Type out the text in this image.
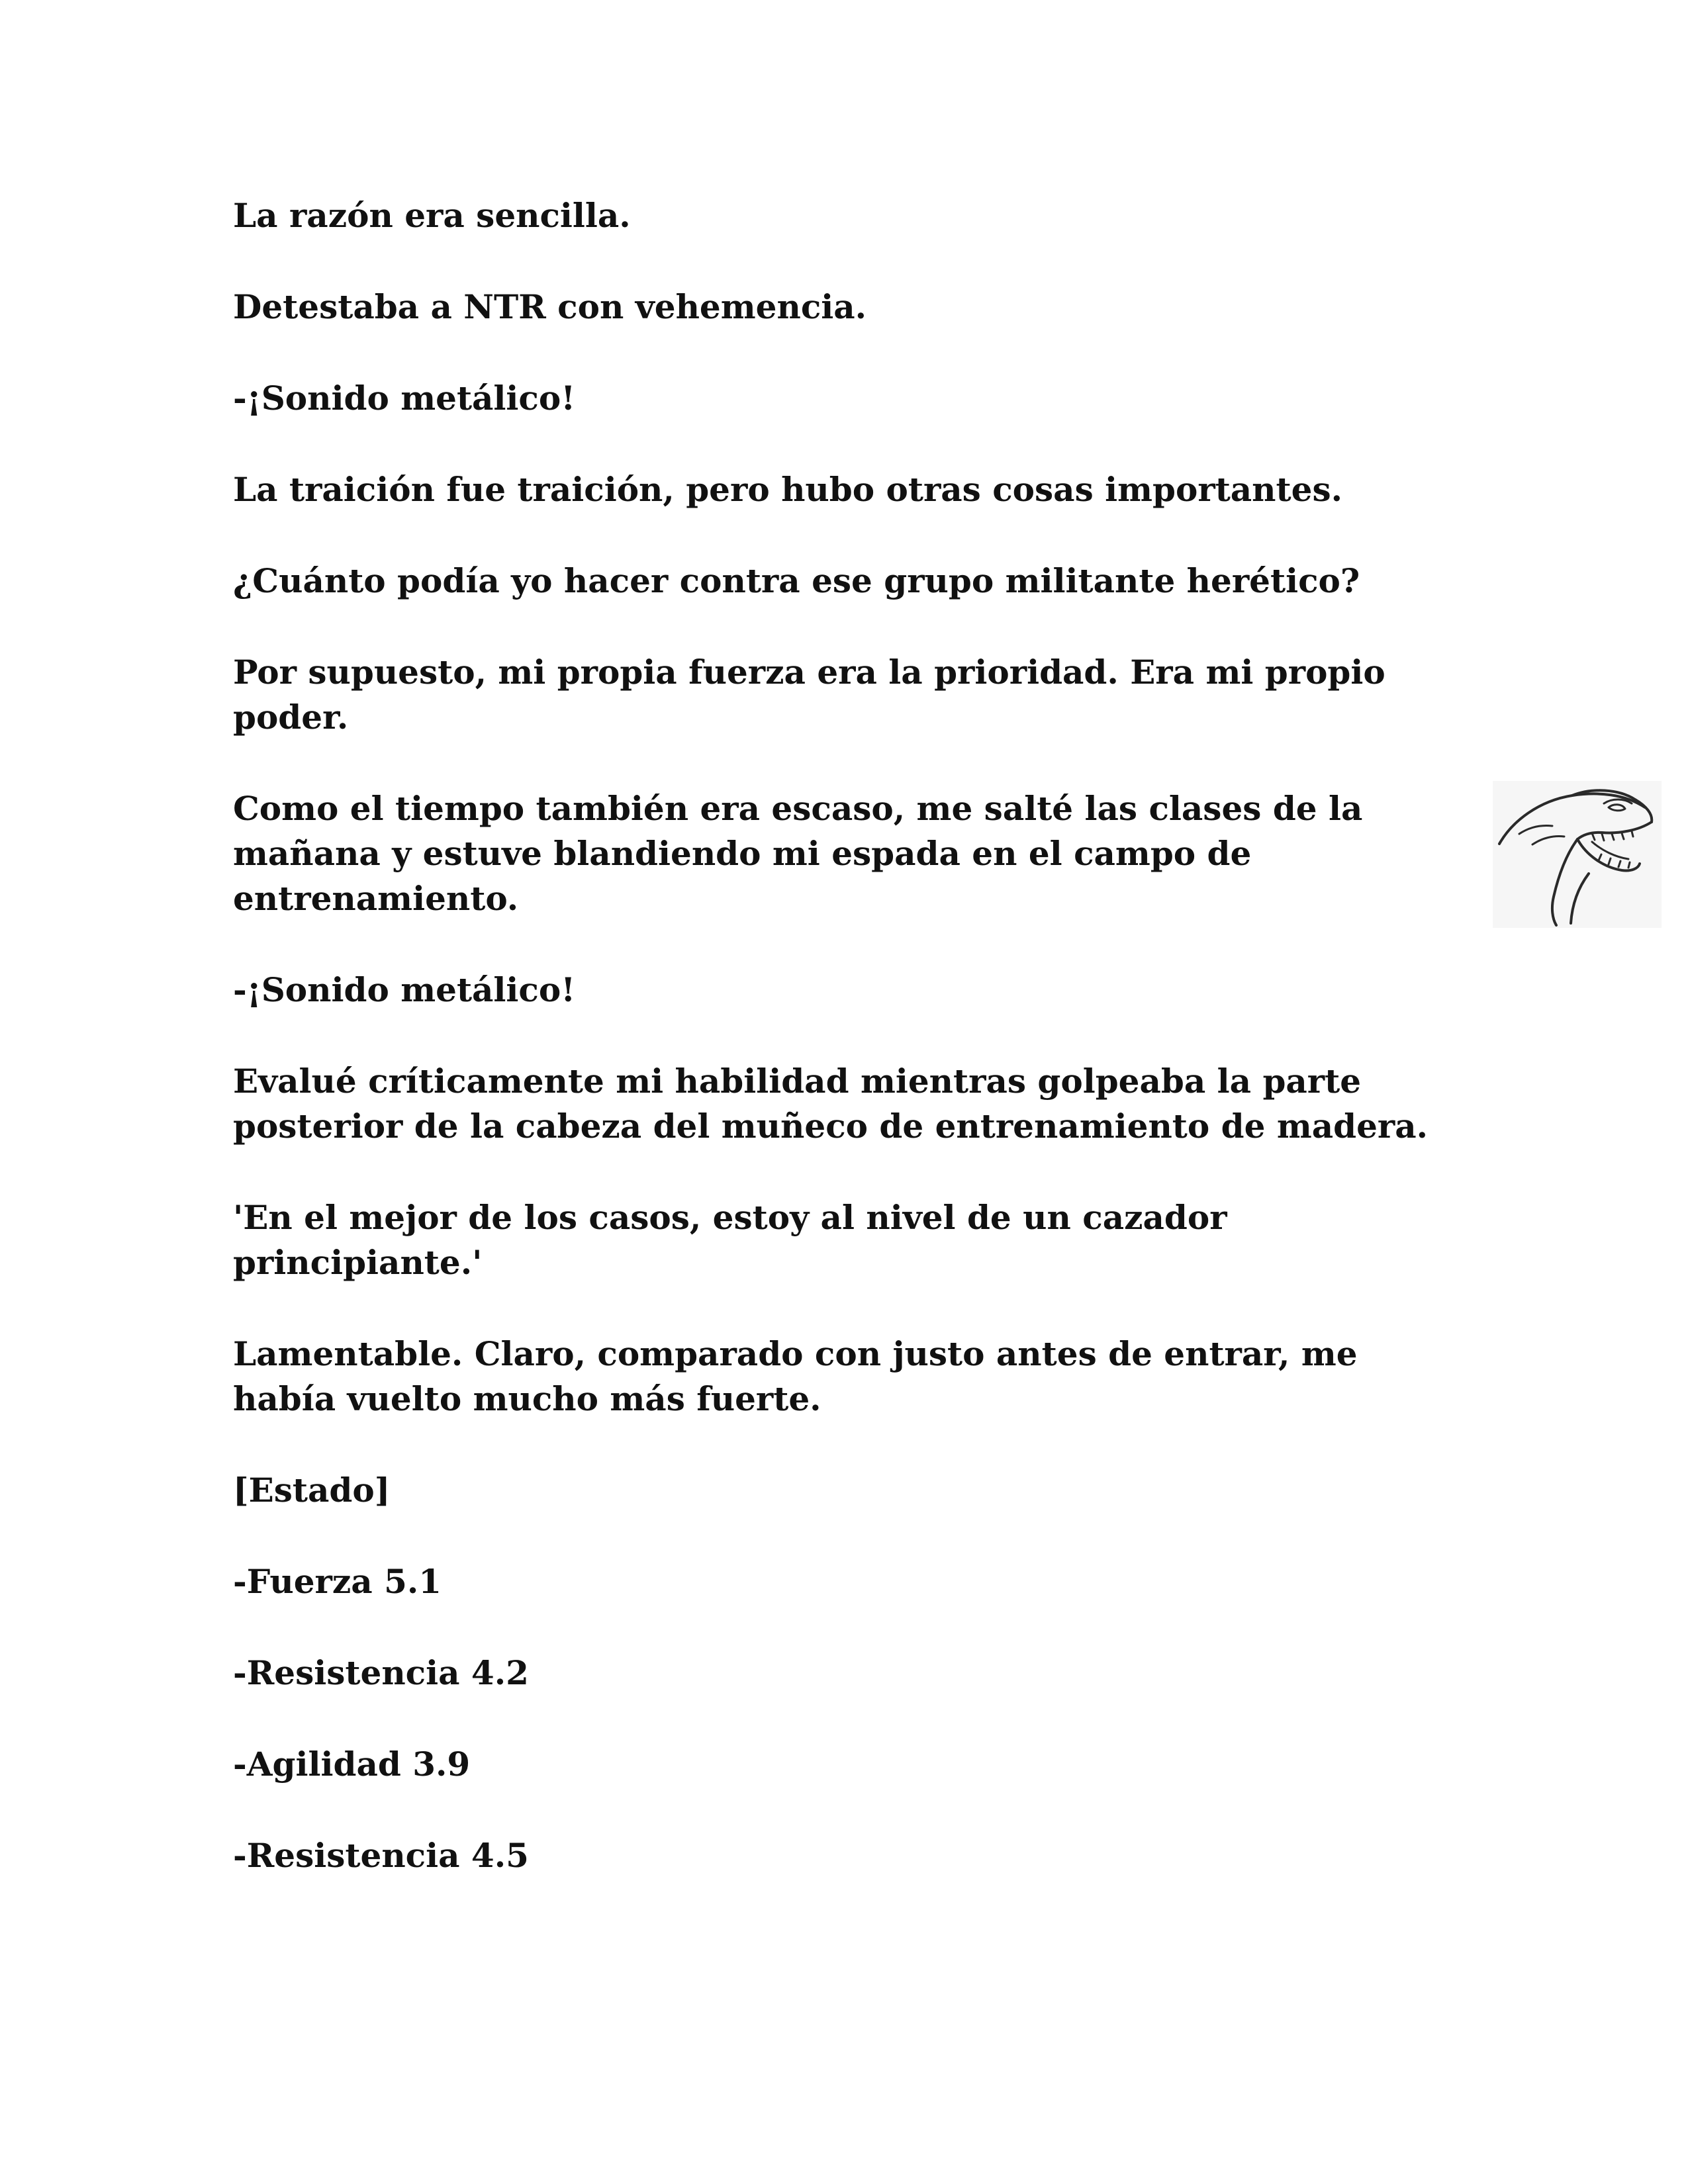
La razón era sencilla.

Detestaba a NTR con vehemencia.

-¡Sonido metálico!

La traición fue traición, pero hubo otras cosas importantes.

¿Cuánto podía yo hacer contra ese grupo militante herético?

Por supuesto, mi propia fuerza era la prioridad. Era mi propio poder.

Como el tiempo también era escaso, me salté las clases de la mañana y estuve blandiendo mi espada en el campo de entrenamiento.

-¡Sonido metálico!

Evalué críticamente mi habilidad mientras golpeaba la parte posterior de la cabeza del muñeco de entrenamiento de madera.

'En el mejor de los casos, estoy al nivel de un cazador principiante.'

Lamentable. Claro, comparado con justo antes de entrar, me había vuelto mucho más fuerte.

[Estado]

-Fuerza 5.1

-Resistencia 4.2

-Agilidad 3.9

-Resistencia 4.5
